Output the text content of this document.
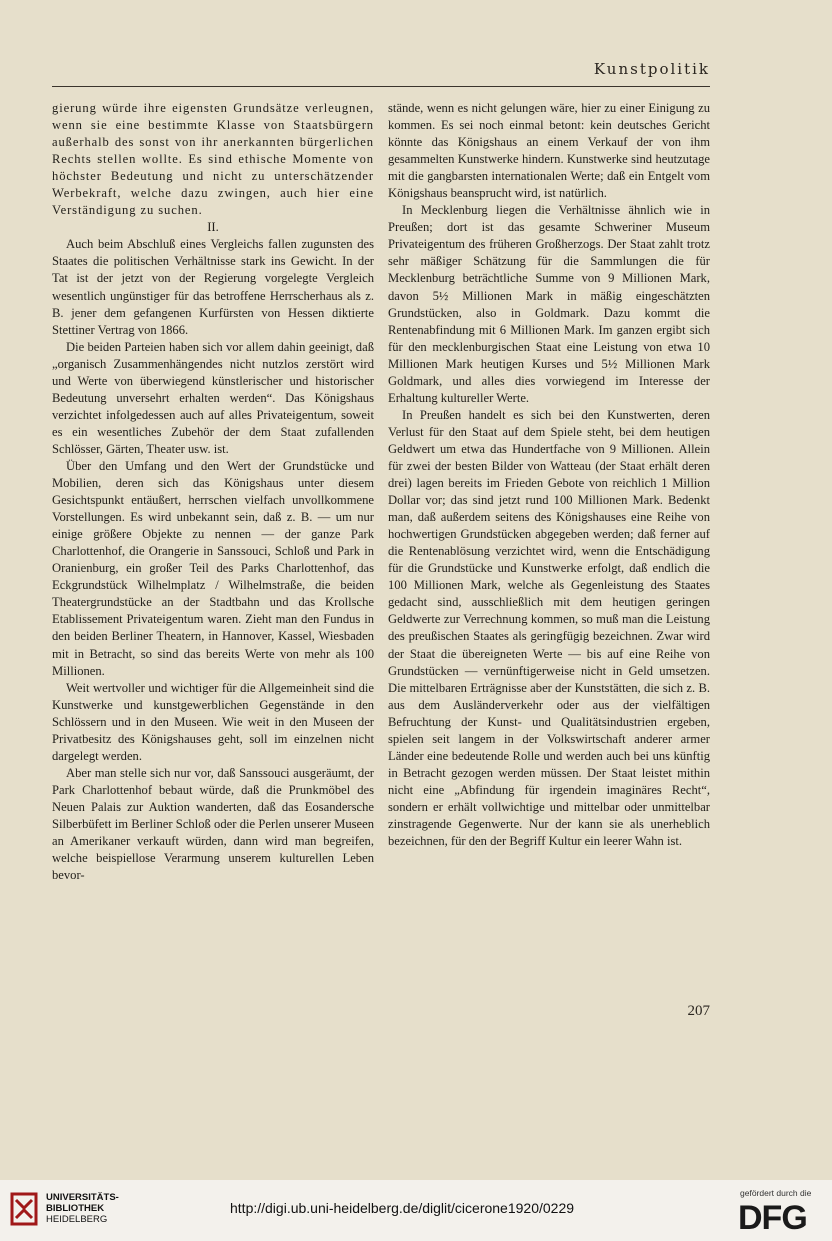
Kunstpolitik

gierung würde ihre eigensten Grundsätze verleugnen, wenn sie eine bestimmte Klasse von Staatsbürgern außerhalb des sonst von ihr anerkannten bürgerlichen Rechts stellen wollte. Es sind ethische Momente von höchster Bedeutung und nicht zu unterschätzender Werbekraft, welche dazu zwingen, auch hier eine Verständigung zu suchen.

II.

Auch beim Abschluß eines Vergleichs fallen zugunsten des Staates die politischen Verhältnisse stark ins Gewicht. In der Tat ist der jetzt von der Regierung vorgelegte Vergleich wesentlich ungünstiger für das betroffene Herrscherhaus als z. B. jener dem gefangenen Kurfürsten von Hessen diktierte Stettiner Vertrag von 1866.

Die beiden Parteien haben sich vor allem dahin geeinigt, daß „organisch Zusammenhängendes nicht nutzlos zerstört wird und Werte von überwiegend künstlerischer und historischer Bedeutung unversehrt erhalten werden“. Das Königshaus verzichtet infolgedessen auch auf alles Privateigentum, soweit es ein wesentliches Zubehör der dem Staat zufallenden Schlösser, Gärten, Theater usw. ist.

Über den Umfang und den Wert der Grundstücke und Mobilien, deren sich das Königshaus unter diesem Gesichtspunkt entäußert, herrschen vielfach unvollkommene Vorstellungen. Es wird unbekannt sein, daß z. B. — um nur einige größere Objekte zu nennen — der ganze Park Charlottenhof, die Orangerie in Sanssouci, Schloß und Park in Oranienburg, ein großer Teil des Parks Charlottenhof, das Eckgrundstück Wilhelmplatz / Wilhelmstraße, die beiden Theatergrundstücke an der Stadtbahn und das Krollsche Etablissement Privateigentum waren. Zieht man den Fundus in den beiden Berliner Theatern, in Hannover, Kassel, Wiesbaden mit in Betracht, so sind das bereits Werte von mehr als 100 Millionen.

Weit wertvoller und wichtiger für die Allgemeinheit sind die Kunstwerke und kunstgewerblichen Gegenstände in den Schlössern und in den Museen. Wie weit in den Museen der Privatbesitz des Königshauses geht, soll im einzelnen nicht dargelegt werden.

Aber man stelle sich nur vor, daß Sanssouci ausgeräumt, der Park Charlottenhof bebaut würde, daß die Prunkmöbel des Neuen Palais zur Auktion wanderten, daß das Eosandersche Silberbüfett im Berliner Schloß oder die Perlen unserer Museen an Amerikaner verkauft würden, dann wird man begreifen, welche beispiellose Verarmung unserem kulturellen Leben bevor-

stände, wenn es nicht gelungen wäre, hier zu einer Einigung zu kommen. Es sei noch einmal betont: kein deutsches Gericht könnte das Königshaus an einem Verkauf der von ihm gesammelten Kunstwerke hindern. Kunstwerke sind heutzutage mit die gangbarsten internationalen Werte; daß ein Entgelt vom Königshaus beansprucht wird, ist natürlich.

In Mecklenburg liegen die Verhältnisse ähnlich wie in Preußen; dort ist das gesamte Schweriner Museum Privateigentum des früheren Großherzogs. Der Staat zahlt trotz sehr mäßiger Schätzung für die Sammlungen die für Mecklenburg beträchtliche Summe von 9 Millionen Mark, davon 5½ Millionen Mark in mäßig eingeschätzten Grundstücken, also in Goldmark. Dazu kommt die Rentenabfindung mit 6 Millionen Mark. Im ganzen ergibt sich für den mecklenburgischen Staat eine Leistung von etwa 10 Millionen Mark heutigen Kurses und 5½ Millionen Mark Goldmark, und alles dies vorwiegend im Interesse der Erhaltung kultureller Werte.

In Preußen handelt es sich bei den Kunstwerten, deren Verlust für den Staat auf dem Spiele steht, bei dem heutigen Geldwert um etwa das Hundertfache von 9 Millionen. Allein für zwei der besten Bilder von Watteau (der Staat erhält deren drei) lagen bereits im Frieden Gebote von reichlich 1 Million Dollar vor; das sind jetzt rund 100 Millionen Mark. Bedenkt man, daß außerdem seitens des Königshauses eine Reihe von hochwertigen Grundstücken abgegeben werden; daß ferner auf die Rentenablösung verzichtet wird, wenn die Entschädigung für die Grundstücke und Kunstwerke erfolgt, daß endlich die 100 Millionen Mark, welche als Gegenleistung des Staates gedacht sind, ausschließlich mit dem heutigen geringen Geldwerte zur Verrechnung kommen, so muß man die Leistung des preußischen Staates als geringfügig bezeichnen. Zwar wird der Staat die übereigneten Werte — bis auf eine Reihe von Grundstücken — vernünftigerweise nicht in Geld umsetzen. Die mittelbaren Erträgnisse aber der Kunststätten, die sich z. B. aus dem Ausländerverkehr oder aus der vielfältigen Befruchtung der Kunst- und Qualitätsindustrien ergeben, spielen seit langem in der Volkswirtschaft anderer armer Länder eine bedeutende Rolle und werden auch bei uns künftig in Betracht gezogen werden müssen. Der Staat leistet mithin nicht eine „Abfindung für irgendein imaginäres Recht“, sondern er erhält vollwichtige und mittelbar oder unmittelbar zinstragende Gegenwerte. Nur der kann sie als unerheblich bezeichnen, für den der Begriff Kultur ein leerer Wahn ist.

207
UNIVERSITÄTS-
BIBLIOTHEK
HEIDELBERG
http://digi.ub.uni-heidelberg.de/diglit/cicerone1920/0229
gefördert durch die
DFG
